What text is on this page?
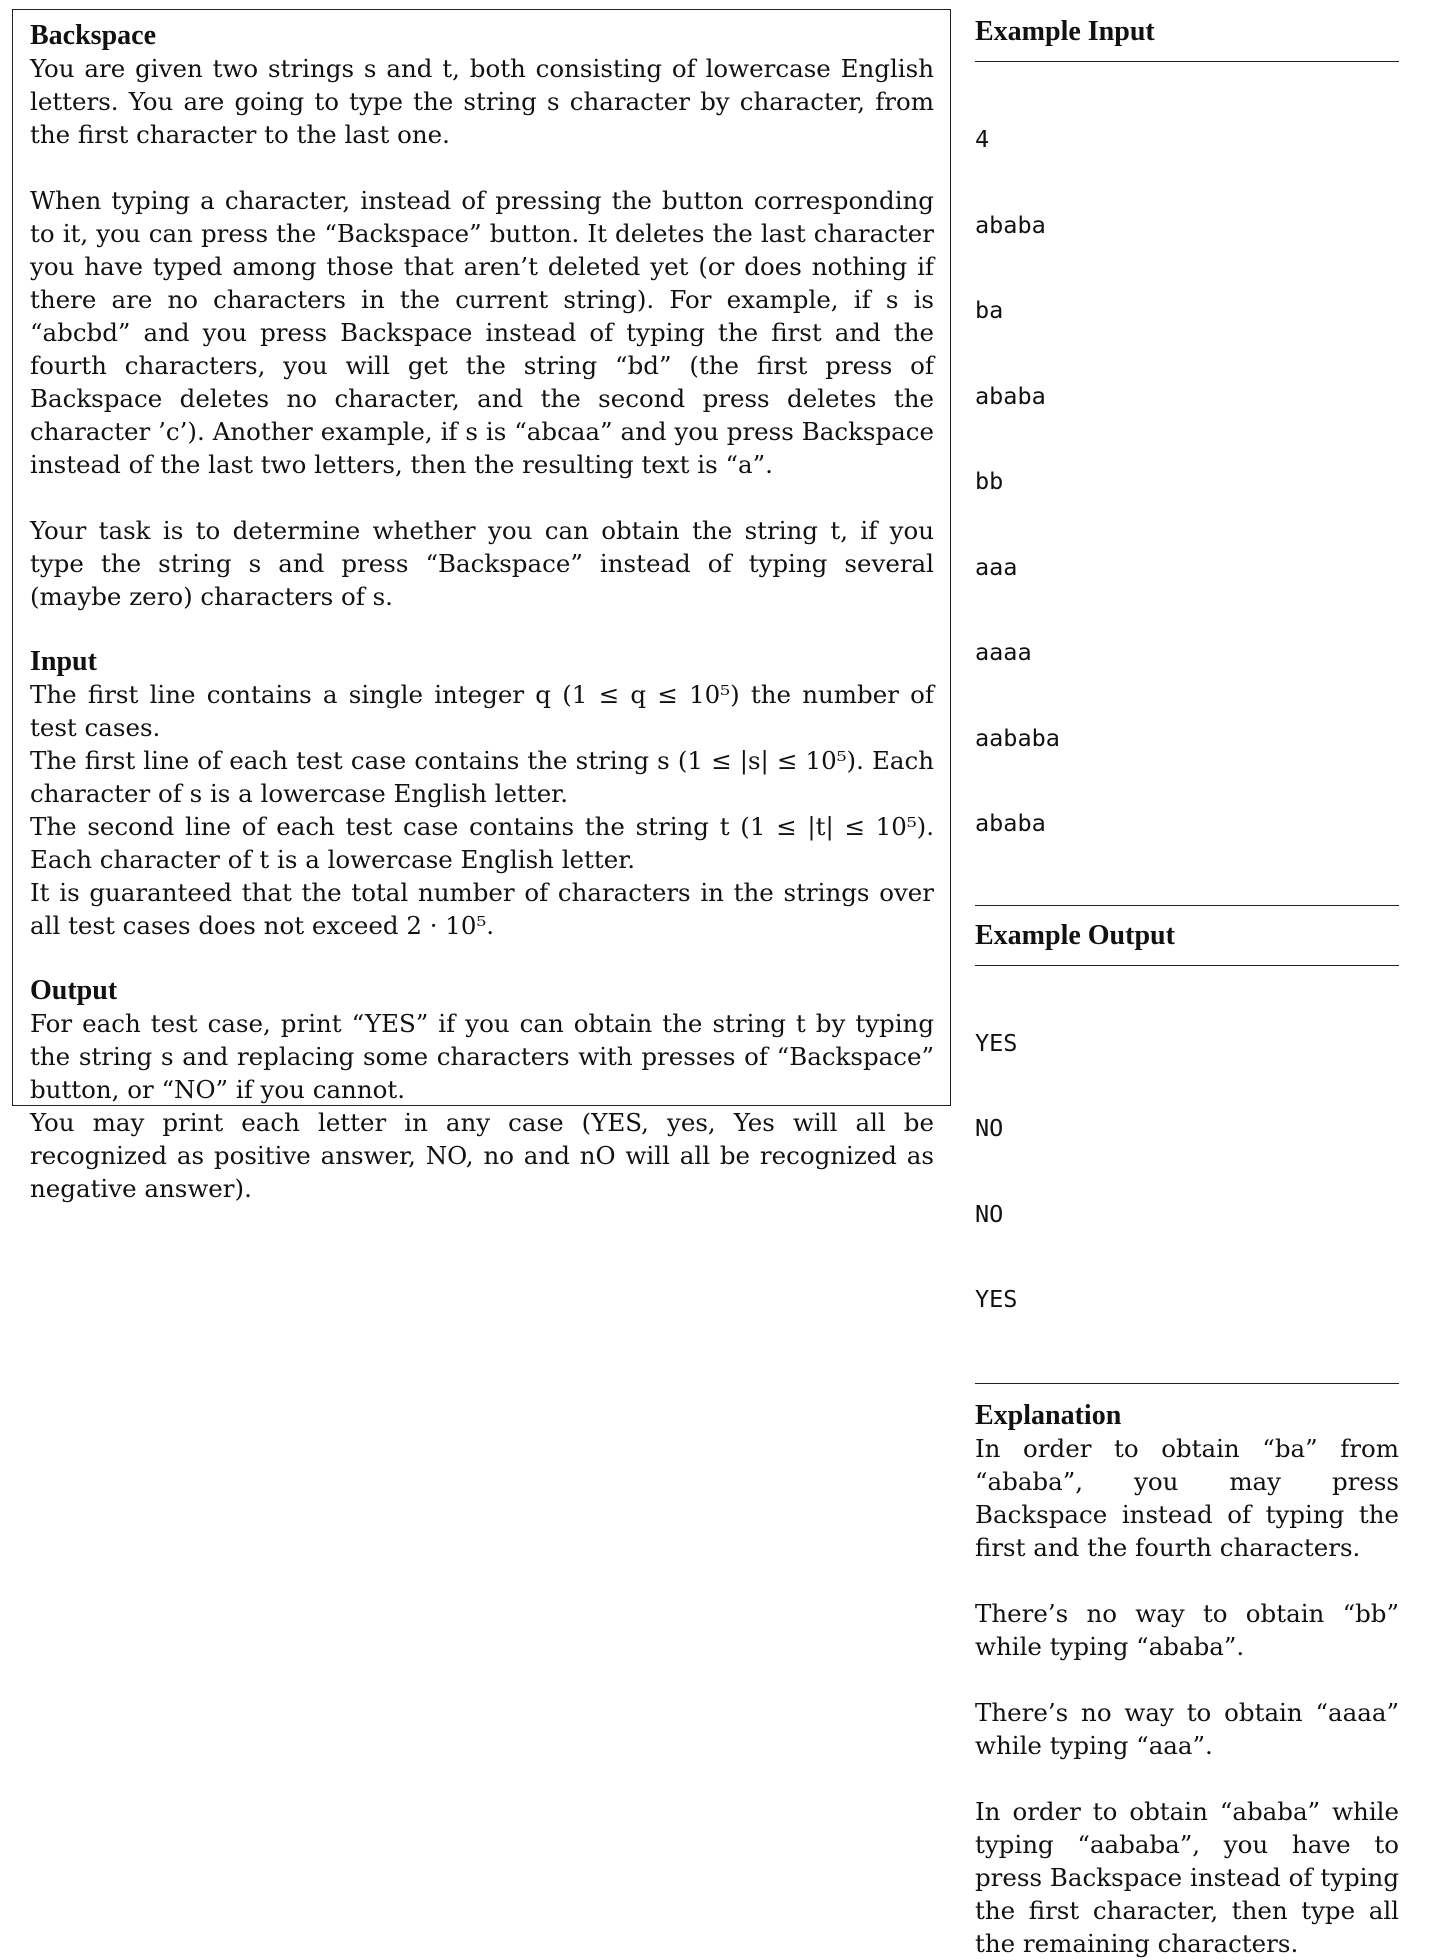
Backspace

You are given two strings s and t, both consisting of lowercase English letters. You are going to type the string s character by character, from the first character to the last one.

When typing a character, instead of pressing the button corresponding to it, you can press the “Backspace” button. It deletes the last character you have typed among those that aren’t deleted yet (or does nothing if there are no characters in the current string). For example, if s is “abcbd” and you press Backspace instead of typing the first and the fourth characters, you will get the string “bd” (the first press of Backspace deletes no character, and the second press deletes the character ’c’). Another example, if s is “abcaa” and you press Backspace instead of the last two letters, then the resulting text is “a”.

Your task is to determine whether you can obtain the string t, if you type the string s and press “Backspace” instead of typing several (maybe zero) characters of s.

Input

The first line contains a single integer q (1 ≤ q ≤ 10⁵) the number of test cases.

The first line of each test case contains the string s (1 ≤ |s| ≤ 10⁵). Each character of s is a lowercase English letter.

The second line of each test case contains the string t (1 ≤ |t| ≤ 10⁵). Each character of t is a lowercase English letter.

It is guaranteed that the total number of characters in the strings over all test cases does not exceed 2 · 10⁵.

Output

For each test case, print “YES” if you can obtain the string t by typing the string s and replacing some characters with presses of “Backspace” button, or “NO” if you cannot.

You may print each letter in any case (YES, yes, Yes will all be recognized as positive answer, NO, no and nO will all be recognized as negative answer).

Example Input

4

ababa

ba

ababa

bb

aaa

aaaa

aababa

ababa

Example Output

YES

NO

NO

YES

Explanation

In order to obtain “ba” from “ababa”, you may press Backspace instead of typing the first and the fourth characters.

There’s no way to obtain “bb” while typing “ababa”.

There’s no way to obtain “aaaa” while typing “aaa”.

In order to obtain “ababa” while typing “aababa”, you have to press Backspace instead of typing the first character, then type all the remaining characters.
